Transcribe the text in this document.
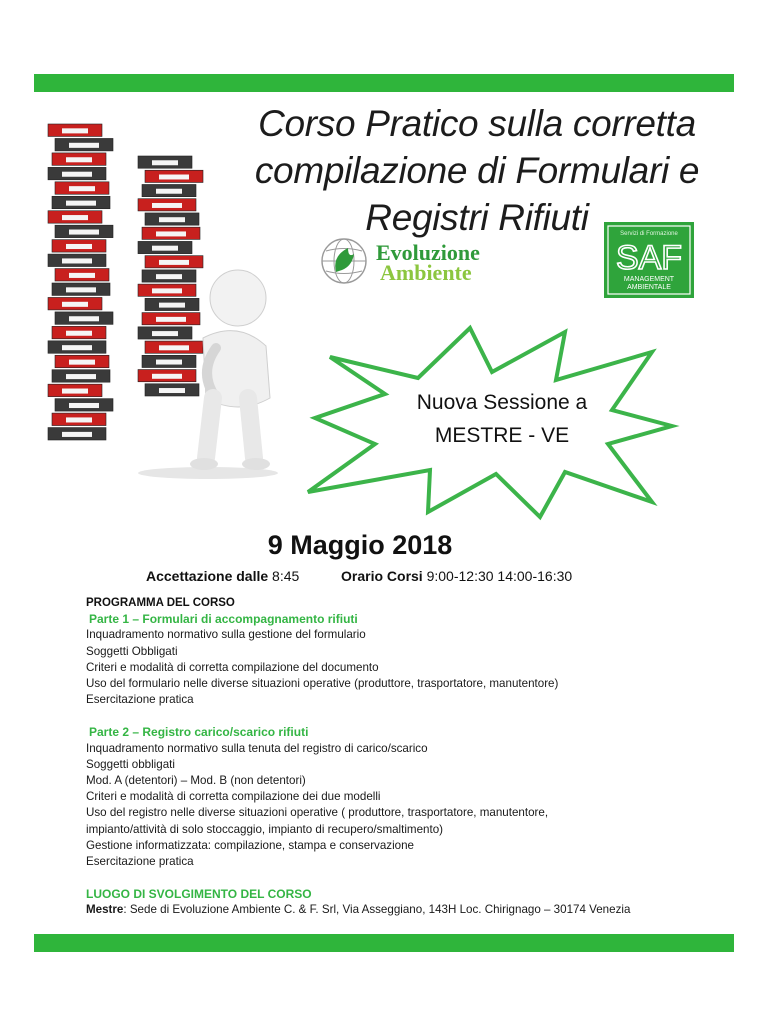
Corso Pratico sulla corretta
compilazione di Formulari e
Registri Rifiuti
Evoluzione
Ambiente
Servizi di Formazione
SAF
MANAGEMENT
AMBIENTALE
Nuova Sessione a
MESTRE - VE
9 Maggio 2018
Accettazione dalle 8:45	Orario Corsi 9:00-12:30 14:00-16:30
PROGRAMMA DEL CORSO
Parte 1 – Formulari di accompagnamento rifiuti
Inquadramento normativo sulla gestione del formulario
Soggetti Obbligati
Criteri e modalità di corretta compilazione del documento
Uso del formulario nelle diverse situazioni operative (produttore, trasportatore, manutentore)
Esercitazione pratica
Parte 2 – Registro carico/scarico rifiuti
Inquadramento normativo sulla tenuta del registro di carico/scarico
Soggetti obbligati
Mod. A (detentori) – Mod. B (non detentori)
Criteri e modalità di corretta compilazione dei due modelli
Uso del registro nelle diverse situazioni operative ( produttore, trasportatore, manutentore,
impianto/attività di solo stoccaggio, impianto di recupero/smaltimento)
Gestione informatizzata: compilazione, stampa e conservazione
Esercitazione pratica
LUOGO DI SVOLGIMENTO DEL CORSO
Mestre: Sede di Evoluzione Ambiente C. & F. Srl, Via Asseggiano, 143H Loc. Chirignago – 30174 Venezia
